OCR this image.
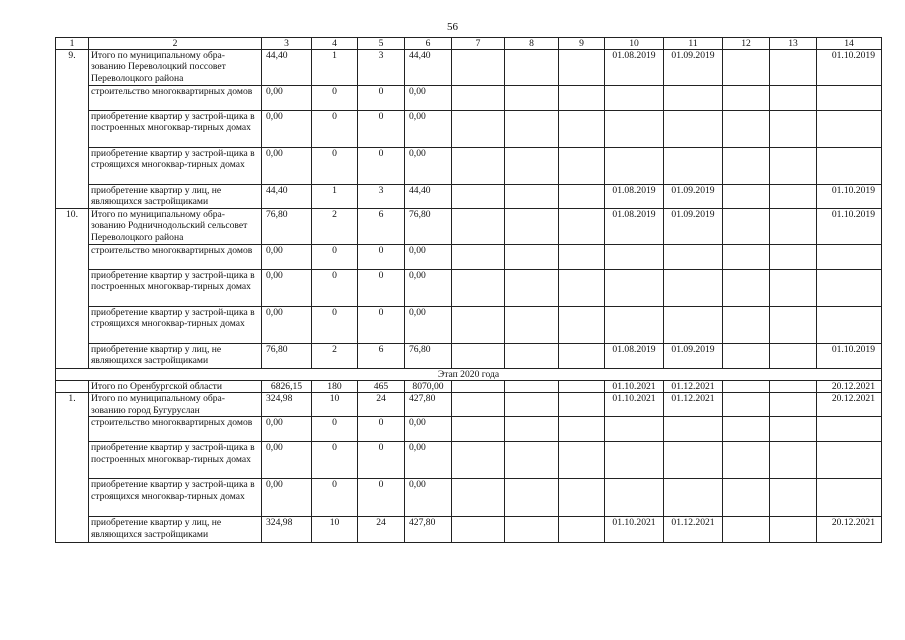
56
1	2	3	4	5	6	7	8	9	10	11	12	13	14
9.	Итого по муниципальному обра-зованию Переволоцкий поссовет Переволоцкого района	44,40	1	3	44,40				01.08.2019	01.09.2019			01.10.2019
	строительство многоквартирных домов	0,00	0	0	0,00								
	приобретение квартир у застрой-щика в построенных многоквар-тирных домах	0,00	0	0	0,00								
	приобретение квартир у застрой-щика в строящихся многоквар-тирных домах	0,00	0	0	0,00								
	приобретение квартир у лиц, не являющихся застройщиками	44,40	1	3	44,40				01.08.2019	01.09.2019			01.10.2019
10.	Итого по муниципальному обра-зованию Родничнодольский сельсовет Переволоцкого района	76,80	2	6	76,80				01.08.2019	01.09.2019			01.10.2019
	строительство многоквартирных домов	0,00	0	0	0,00								
	приобретение квартир у застрой-щика в построенных многоквар-тирных домах	0,00	0	0	0,00								
	приобретение квартир у застрой-щика в строящихся многоквар-тирных домах	0,00	0	0	0,00								
	приобретение квартир у лиц, не являющихся застройщиками	76,80	2	6	76,80				01.08.2019	01.09.2019			01.10.2019
Этап 2020 года													
	Итого по Оренбургской области	6826,15	180	465	8070,00				01.10.2021	01.12.2021			20.12.2021
1.	Итого по муниципальному обра-зованию город Бугуруслан	324,98	10	24	427,80				01.10.2021	01.12.2021			20.12.2021
	строительство многоквартирных домов	0,00	0	0	0,00								
	приобретение квартир у застрой-щика в построенных многоквар-тирных домах	0,00	0	0	0,00								
	приобретение квартир у застрой-щика в строящихся многоквар-тирных домах	0,00	0	0	0,00								
	приобретение квартир у лиц, не являющихся застройщиками	324,98	10	24	427,80				01.10.2021	01.12.2021			20.12.2021
